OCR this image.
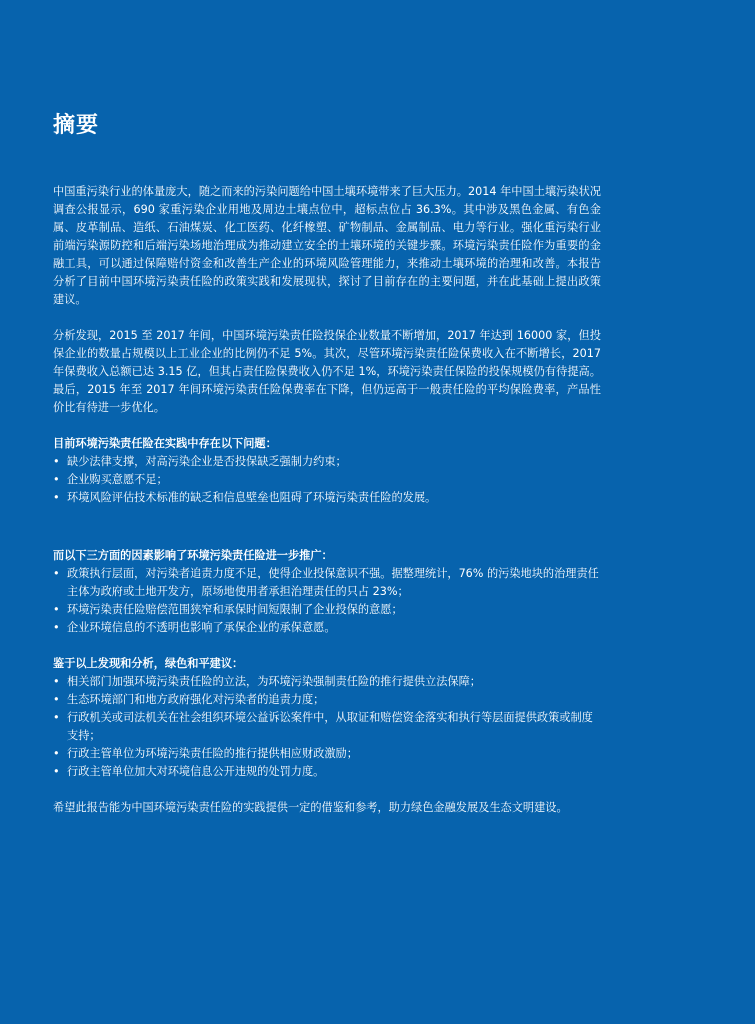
摘要

中国重污染行业的体量庞大，随之而来的污染问题给中国土壤环境带来了巨大压力。2014 年中国土壤污染状况调查公报显示，690 家重污染企业用地及周边土壤点位中，超标点位占 36.3%。其中涉及黑色金属、有色金属、皮革制品、造纸、石油煤炭、化工医药、化纤橡塑、矿物制品、金属制品、电力等行业。强化重污染行业前端污染源防控和后端污染场地治理成为推动建立安全的土壤环境的关键步骤。环境污染责任险作为重要的金融工具，可以通过保障赔付资金和改善生产企业的环境风险管理能力，来推动土壤环境的治理和改善。本报告分析了目前中国环境污染责任险的政策实践和发展现状，探讨了目前存在的主要问题，并在此基础上提出政策建议。

分析发现，2015 至 2017 年间，中国环境污染责任险投保企业数量不断增加，2017 年达到 16000 家，但投保企业的数量占规模以上工业企业的比例仍不足 5%。其次，尽管环境污染责任险保费收入在不断增长，2017 年保费收入总额已达 3.15 亿，但其占责任险保费收入仍不足 1%，环境污染责任保险的投保规模仍有待提高。最后，2015 年至 2017 年间环境污染责任险保费率在下降，但仍远高于一般责任险的平均保险费率，产品性价比有待进一步优化。

目前环境污染责任险在实践中存在以下问题：

• 缺少法律支撑，对高污染企业是否投保缺乏强制力约束；
• 企业购买意愿不足；
• 环境风险评估技术标准的缺乏和信息壁垒也阻碍了环境污染责任险的发展。

而以下三方面的因素影响了环境污染责任险进一步推广：

• 政策执行层面，对污染者追责力度不足，使得企业投保意识不强。据整理统计，76% 的污染地块的治理责任主体为政府或土地开发方，原场地使用者承担治理责任的只占 23%；
• 环境污染责任险赔偿范围狭窄和承保时间短限制了企业投保的意愿；
• 企业环境信息的不透明也影响了承保企业的承保意愿。

鉴于以上发现和分析，绿色和平建议：

• 相关部门加强环境污染责任险的立法，为环境污染强制责任险的推行提供立法保障；
• 生态环境部门和地方政府强化对污染者的追责力度；
• 行政机关或司法机关在社会组织环境公益诉讼案件中，从取证和赔偿资金落实和执行等层面提供政策或制度支持；
• 行政主管单位为环境污染责任险的推行提供相应财政激励；
• 行政主管单位加大对环境信息公开违规的处罚力度。

希望此报告能为中国环境污染责任险的实践提供一定的借鉴和参考，助力绿色金融发展及生态文明建设。
